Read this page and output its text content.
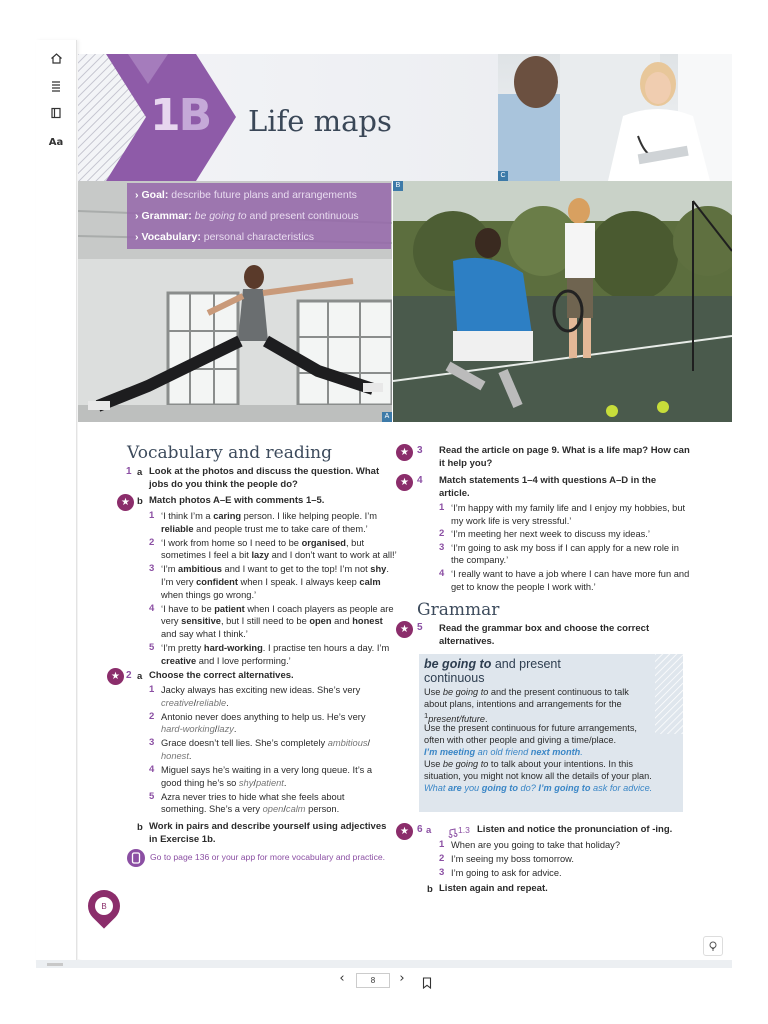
Aa
1B Life maps
C
A
› Goal: describe future plans and arrangements
› Grammar: be going to and present continuous
› Vocabulary: personal characteristics
B
Vocabulary and reading
1 a Look at the photos and discuss the question. What jobs do you think the people do?
★ b Match photos A–E with comments 1–5.
1 ‘I think I’m a caring person. I like helping people. I’m
reliable and people trust me to take care of them.’
2 ‘I work from home so I need to be organised, but
sometimes I feel a bit lazy and I don’t want to work at all!’
3 ‘I’m ambitious and I want to get to the top! I’m not shy.
I’m very confident when I speak. I always keep calm
when things go wrong.’
4 ‘I have to be patient when I coach players as people are
very sensitive, but I still need to be open and honest
and say what I think.’
5 ‘I’m pretty hard-working. I practise ten hours a day. I’m
creative and I love performing.’
★ 2 a Choose the correct alternatives.
1 Jacky always has exciting new ideas. She’s very
creative/reliable.
2 Antonio never does anything to help us. He’s very
hard-working/lazy.
3 Grace doesn’t tell lies. She’s completely ambitious/
honest.
4 Miguel says he’s waiting in a very long queue. It’s a
good thing he’s so shy/patient.
5 Azra never tries to hide what she feels about
something. She’s a very open/calm person.
b Work in pairs and describe yourself using adjectives
in Exercise 1b.
Go to page 136 or your app for more vocabulary and practice.
★ 3 Read the article on page 9. What is a life map? How can
it help you?
★ 4 Match statements 1–4 with questions A–D in the
article.
1 ‘I’m happy with my family life and I enjoy my hobbies, but
my work life is very stressful.’
2 ‘I’m meeting her next week to discuss my ideas.’
3 ‘I’m going to ask my boss if I can apply for a new role in
the company.’
4 ‘I really want to have a job where I can have more fun and
get to know the people I work with.’
Grammar
★ 5 Read the grammar box and choose the correct
alternatives.
be going to and present
continuous
Use be going to and the present continuous to talk
about plans, intentions and arrangements for the
$^1$present/future.
Use the present continuous for future arrangements,
often with other people and giving a time/place.
I’m meeting an old friend next month.
Use be going to to talk about your intentions. In this
situation, you might not know all the details of your plan.
What are you going to do? I’m going to ask for advice.
★ 6 a	1.3 Listen and notice the pronunciation of -ing.
1 When are you going to take that holiday?
2 I’m seeing my boss tomorrow.
3 I’m going to ask for advice.
b Listen again and repeat.
B
‹	8	›
